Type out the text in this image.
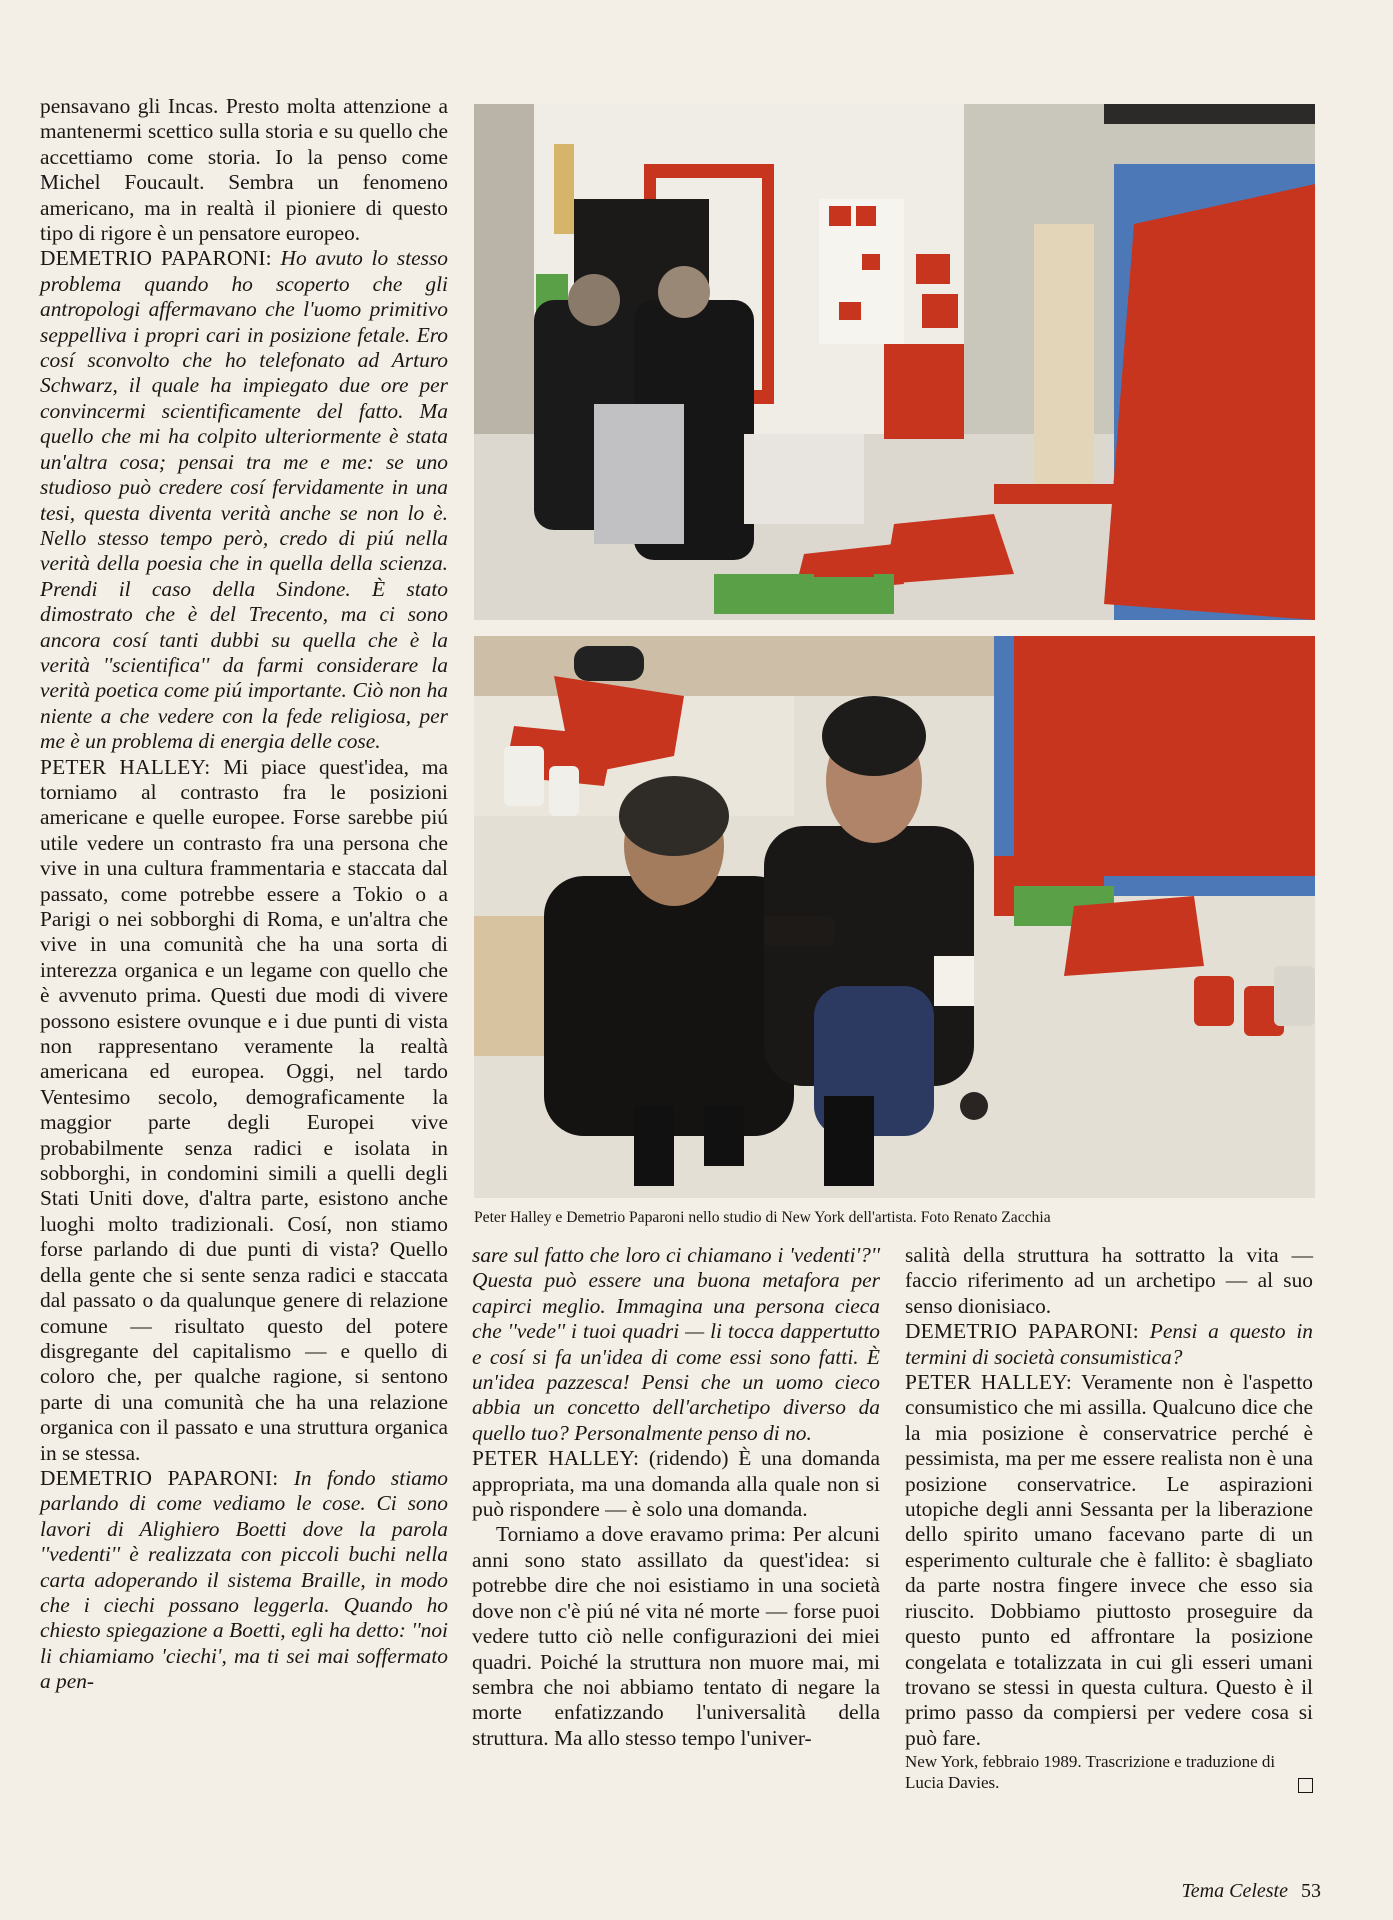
pensavano gli Incas. Presto molta attenzione a mantenermi scettico sulla storia e su quello che accettiamo come storia. Io la penso come Michel Foucault. Sembra un fenomeno americano, ma in realtà il pioniere di questo tipo di rigore è un pensatore europeo.

DEMETRIO PAPARONI: Ho avuto lo stesso problema quando ho scoperto che gli antropologi affermavano che l'uomo primitivo seppelliva i propri cari in posizione fetale. Ero cosí sconvolto che ho telefonato ad Arturo Schwarz, il quale ha impiegato due ore per convincermi scientificamente del fatto. Ma quello che mi ha colpito ulteriormente è stata un'altra cosa; pensai tra me e me: se uno studioso può credere cosí fervidamente in una tesi, questa diventa verità anche se non lo è. Nello stesso tempo però, credo di piú nella verità della poesia che in quella della scienza. Prendi il caso della Sindone. È stato dimostrato che è del Trecento, ma ci sono ancora cosí tanti dubbi su quella che è la verità ''scientifica'' da farmi considerare la verità poetica come piú importante. Ciò non ha niente a che vedere con la fede religiosa, per me è un problema di energia delle cose.

PETER HALLEY: Mi piace quest'idea, ma torniamo al contrasto fra le posizioni americane e quelle europee. Forse sarebbe piú utile vedere un contrasto fra una persona che vive in una cultura frammentaria e staccata dal passato, come potrebbe essere a Tokio o a Parigi o nei sobborghi di Roma, e un'altra che vive in una comunità che ha una sorta di interezza organica e un legame con quello che è avvenuto prima. Questi due modi di vivere possono esistere ovunque e i due punti di vista non rappresentano veramente la realtà americana ed europea. Oggi, nel tardo Ventesimo secolo, demograficamente la maggior parte degli Europei vive probabilmente senza radici e isolata in sobborghi, in condomini simili a quelli degli Stati Uniti dove, d'altra parte, esistono anche luoghi molto tradizionali. Cosí, non stiamo forse parlando di due punti di vista? Quello della gente che si sente senza radici e staccata dal passato o da qualunque genere di relazione comune — risultato questo del potere disgregante del capitalismo — e quello di coloro che, per qualche ragione, si sentono parte di una comunità che ha una relazione organica con il passato e una struttura organica in se stessa.

DEMETRIO PAPARONI: In fondo stiamo parlando di come vediamo le cose. Ci sono lavori di Alighiero Boetti dove la parola ''vedenti'' è realizzata con piccoli buchi nella carta adoperando il sistema Braille, in modo che i ciechi possano leggerla. Quando ho chiesto spiegazione a Boetti, egli ha detto: ''noi li chiamiamo 'ciechi', ma ti sei mai soffermato a pen-

Peter Halley e Demetrio Paparoni nello studio di New York dell'artista. Foto Renato Zacchia

sare sul fatto che loro ci chiamano i 'vedenti'?'' Questa può essere una buona metafora per capirci meglio. Immagina una persona cieca che ''vede'' i tuoi quadri — li tocca dappertutto e cosí si fa un'idea di come essi sono fatti. È un'idea pazzesca! Pensi che un uomo cieco abbia un concetto dell'archetipo diverso da quello tuo? Personalmente penso di no.

PETER HALLEY: (ridendo) È una domanda appropriata, ma una domanda alla quale non si può rispondere — è solo una domanda.

Torniamo a dove eravamo prima: Per alcuni anni sono stato assillato da quest'idea: si potrebbe dire che noi esistiamo in una società dove non c'è piú né vita né morte — forse puoi vedere tutto ciò nelle configurazioni dei miei quadri. Poiché la struttura non muore mai, mi sembra che noi abbiamo tentato di negare la morte enfatizzando l'universalità della struttura. Ma allo stesso tempo l'univer-

salità della struttura ha sottratto la vita — faccio riferimento ad un archetipo — al suo senso dionisiaco.

DEMETRIO PAPARONI: Pensi a questo in termini di società consumistica?

PETER HALLEY: Veramente non è l'aspetto consumistico che mi assilla. Qualcuno dice che la mia posizione è conservatrice perché è pessimista, ma per me essere realista non è una posizione conservatrice. Le aspirazioni utopiche degli anni Sessanta per la liberazione dello spirito umano facevano parte di un esperimento culturale che è fallito: è sbagliato da parte nostra fingere invece che esso sia riuscito. Dobbiamo piuttosto proseguire da questo punto ed affrontare la posizione congelata e totalizzata in cui gli esseri umani trovano se stessi in questa cultura. Questo è il primo passo da compiersi per vedere cosa si può fare.

New York, febbraio 1989. Trascrizione e traduzione di Lucia Davies.

Tema Celeste 53
